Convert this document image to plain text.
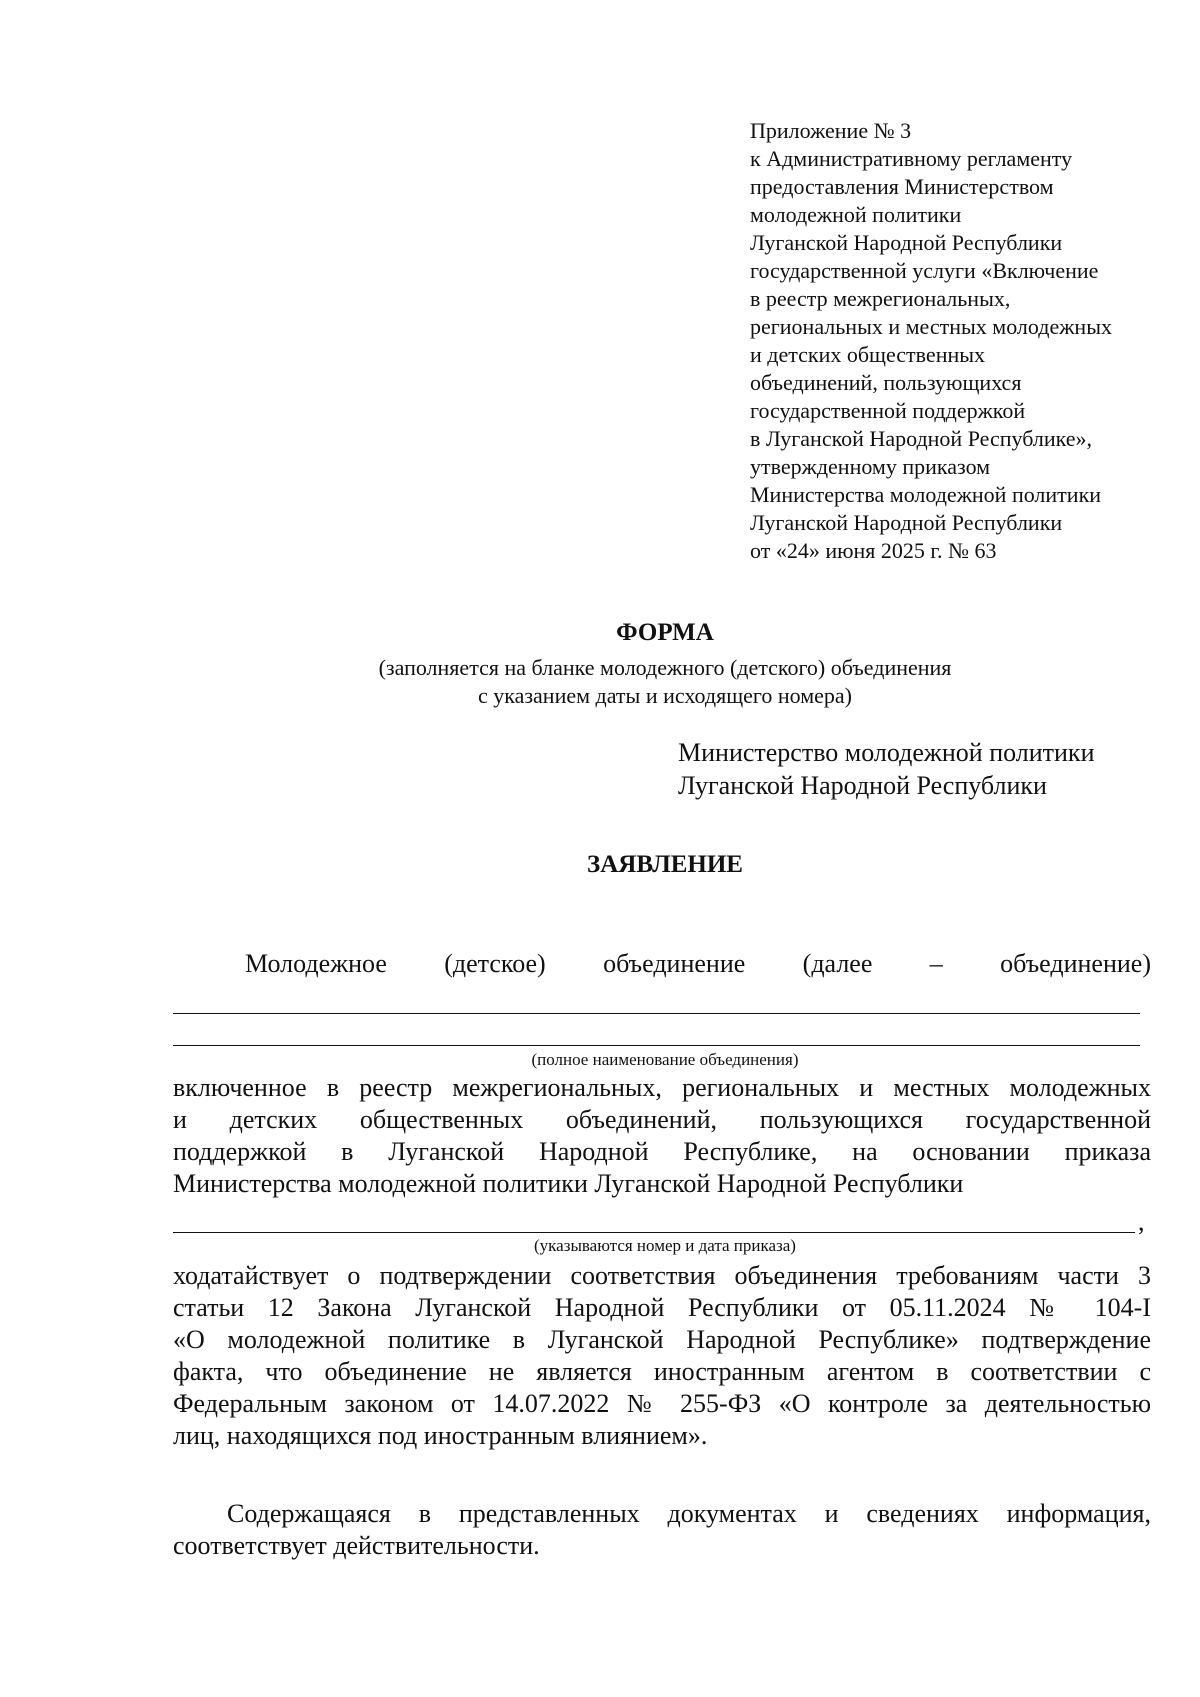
Приложение № 3
к Административному регламенту
предоставления Министерством
молодежной политики
Луганской Народной Республики
государственной услуги «Включение
в реестр межрегиональных,
региональных и местных молодежных
и детских общественных
объединений, пользующихся
государственной поддержкой
в Луганской Народной Республике»,
утвержденному приказом
Министерства молодежной политики
Луганской Народной Республики
от «24» июня 2025 г. № 63
ФОРМА
(заполняется на бланке молодежного (детского) объединения
с указанием даты и исходящего номера)
Министерство молодежной политики
Луганской Народной Республики
ЗАЯВЛЕНИЕ
Молодежное (детское) объединение (далее – объединение)
(полное наименование объединения)
включенное в реестр межрегиональных, региональных и местных молодежных
и детских общественных объединений, пользующихся государственной
поддержкой в Луганской Народной Республике, на основании приказа
Министерства молодежной политики Луганской Народной Республики
,
(указываются номер и дата приказа)
ходатайствует о подтверждении соответствия объединения требованиям части 3
статьи 12 Закона Луганской Народной Республики от 05.11.2024 № 104-I
«О молодежной политике в Луганской Народной Республике» подтверждение
факта, что объединение не является иностранным агентом в соответствии с
Федеральным законом от 14.07.2022 № 255-ФЗ «О контроле за деятельностью
лиц, находящихся под иностранным влиянием».
Содержащаяся в представленных документах и сведениях информация,
соответствует действительности.
